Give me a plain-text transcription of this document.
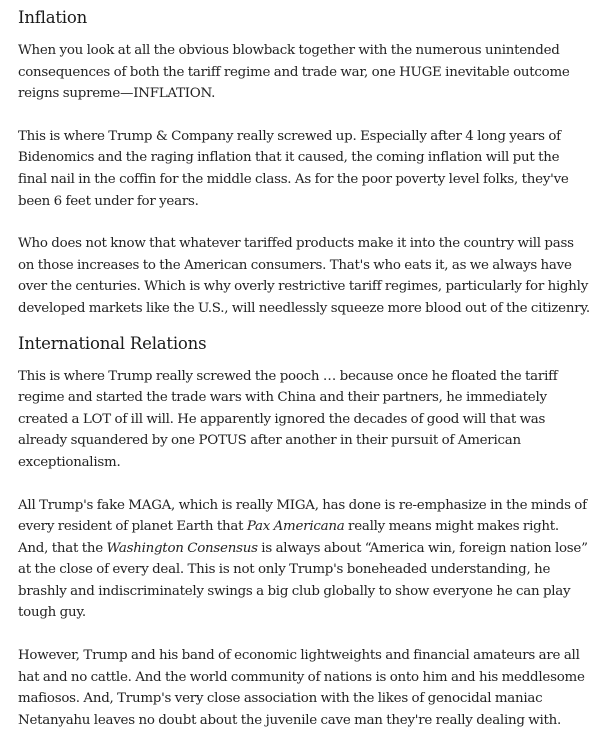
Inflation

When you look at all the obvious blowback together with the numerous unintended consequences of both the tariff regime and trade war, one HUGE inevitable outcome reigns supreme—INFLATION.

This is where Trump & Company really screwed up. Especially after 4 long years of Bidenomics and the raging inflation that it caused, the coming inflation will put the final nail in the coffin for the middle class. As for the poor poverty level folks, they've been 6 feet under for years.

Who does not know that whatever tariffed products make it into the country will pass on those increases to the American consumers. That's who eats it, as we always have over the centuries. Which is why overly restrictive tariff regimes, particularly for highly developed markets like the U.S., will needlessly squeeze more blood out of the citizenry.

International Relations

This is where Trump really screwed the pooch … because once he floated the tariff regime and started the trade wars with China and their partners, he immediately created a LOT of ill will. He apparently ignored the decades of good will that was already squandered by one POTUS after another in their pursuit of American exceptionalism.

All Trump's fake MAGA, which is really MIGA, has done is re-emphasize in the minds of every resident of planet Earth that Pax Americana really means might makes right. And, that the Washington Consensus is always about “America win, foreign nation lose” at the close of every deal. This is not only Trump's boneheaded understanding, he brashly and indiscriminately swings a big club globally to show everyone he can play tough guy.

However, Trump and his band of economic lightweights and financial amateurs are all hat and no cattle. And the world community of nations is onto him and his meddlesome mafiosos. And, Trump's very close association with the likes of genocidal maniac Netanyahu leaves no doubt about the juvenile cave man they're really dealing with.
